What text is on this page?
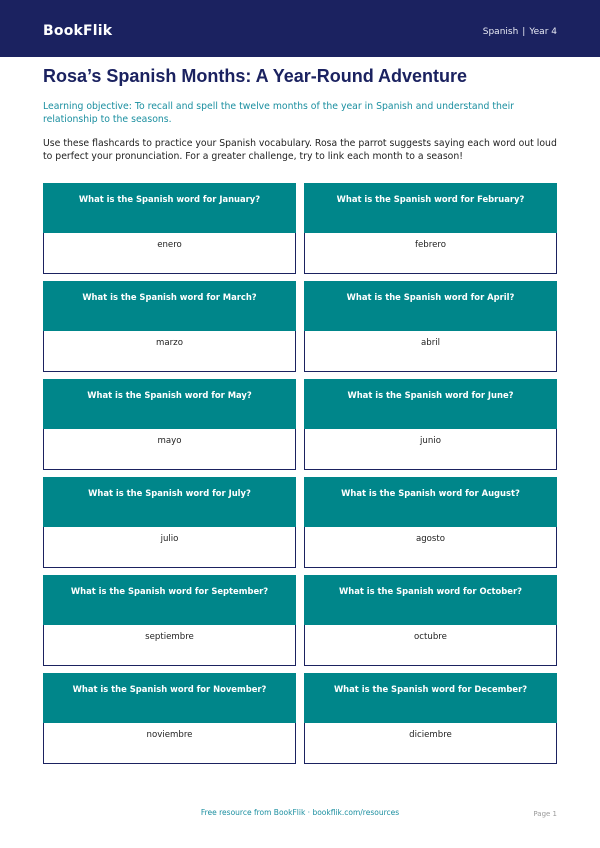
BookFlik	Spanish | Year 4
Rosa’s Spanish Months: A Year-Round Adventure

Learning objective: To recall and spell the twelve months of the year in Spanish and understand their relationship to the seasons.

Use these flashcards to practice your Spanish vocabulary. Rosa the parrot suggests saying each word out loud to perfect your pronunciation. For a greater challenge, try to link each month to a season!

What is the Spanish word for January?
enero
What is the Spanish word for February?
febrero
What is the Spanish word for March?
marzo
What is the Spanish word for April?
abril
What is the Spanish word for May?
mayo
What is the Spanish word for June?
junio
What is the Spanish word for July?
julio
What is the Spanish word for August?
agosto
What is the Spanish word for September?
septiembre
What is the Spanish word for October?
octubre
What is the Spanish word for November?
noviembre
What is the Spanish word for December?
diciembre
Free resource from BookFlik · bookflik.com/resources	Page 1
